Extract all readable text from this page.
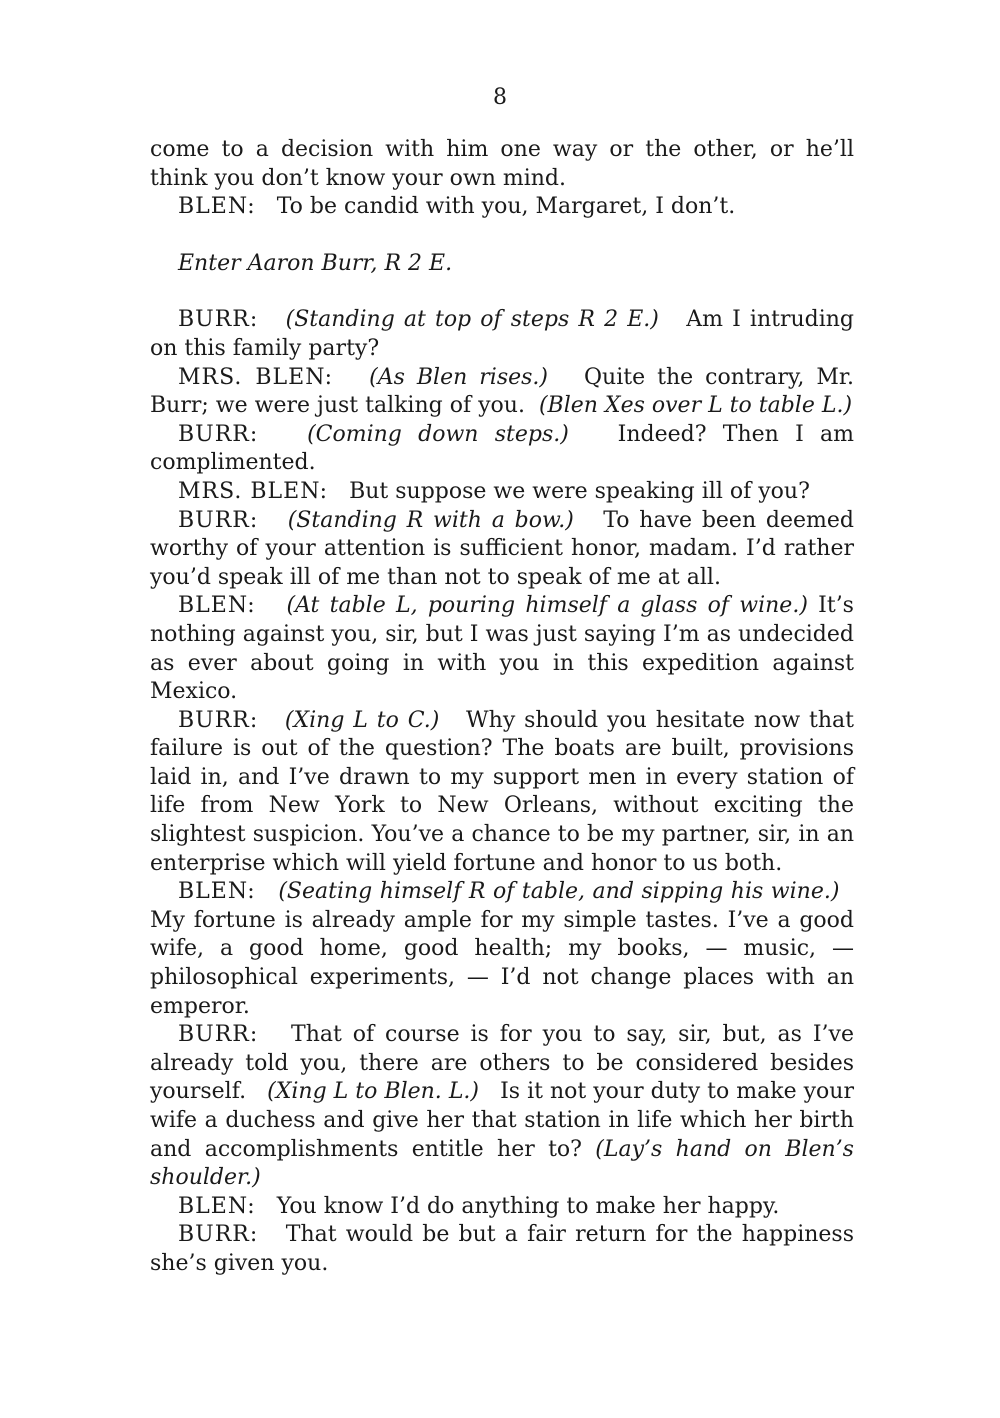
8

come to a decision with him one way or the other, or he’ll think you don’t know your own mind.

BLEN: To be candid with you, Margaret, I don’t.

Enter Aaron Burr, R 2 E.

BURR: (Standing at top of steps R 2 E.) Am I intruding on this family party?

MRS. BLEN: (As Blen rises.) Quite the contrary, Mr. Burr; we were just talking of you. (Blen Xes over L to table L.)

BURR: (Coming down steps.) Indeed? Then I am complimented.

MRS. BLEN: But suppose we were speaking ill of you?

BURR: (Standing R with a bow.) To have been deemed worthy of your attention is sufficient honor, madam. I’d rather you’d speak ill of me than not to speak of me at all.

BLEN: (At table L, pouring himself a glass of wine.) It’s nothing against you, sir, but I was just saying I’m as undecided as ever about going in with you in this expedition against Mexico.

BURR: (Xing L to C.) Why should you hesitate now that failure is out of the question? The boats are built, provisions laid in, and I’ve drawn to my support men in every station of life from New York to New Orleans, without exciting the slightest suspicion. You’ve a chance to be my partner, sir, in an enterprise which will yield fortune and honor to us both.

BLEN: (Seating himself R of table, and sipping his wine.)   My fortune is already ample for my simple tastes. I’ve a good wife, a good home, good health; my books, — music, — philosophical experiments, — I’d not change places with an emperor.

BURR: That of course is for you to say, sir, but, as I’ve already told you, there are others to be considered besides yourself. (Xing L to Blen. L.) Is it not your duty to make your wife a duchess and give her that station in life which her birth and accomplishments entitle her to? (Lay’s hand on Blen’s shoulder.)

BLEN: You know I’d do anything to make her happy.

BURR: That would be but a fair return for the happiness she’s given you.
